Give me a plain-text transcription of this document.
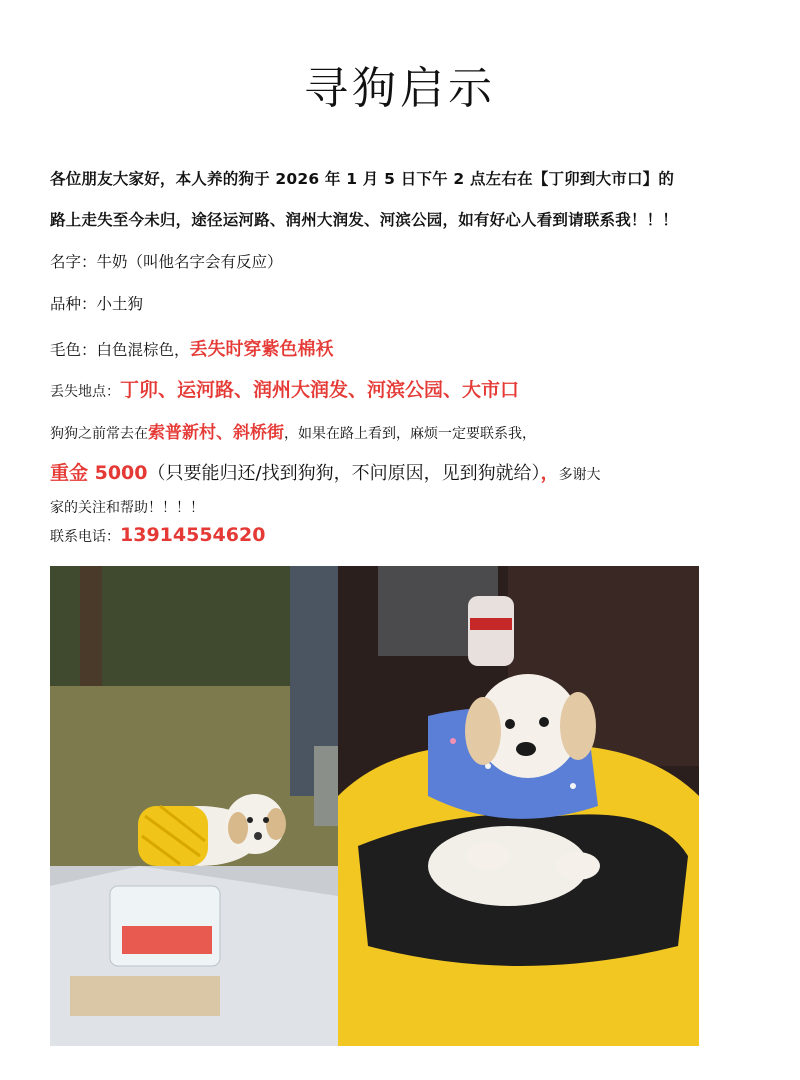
寻狗启示
各位朋友大家好，本人养的狗于 2026 年 1 月 5 日下午 2 点左右在【丁卯到大市口】的
路上走失至今未归，途径运河路、润州大润发、河滨公园，如有好心人看到请联系我！！！
名字：牛奶（叫他名字会有反应）
品种：小土狗
毛色：白色混棕色，丢失时穿紫色棉袄
丢失地点：丁卯、运河路、润州大润发、河滨公园、大市口
狗狗之前常去在索普新村、斜桥街，如果在路上看到，麻烦一定要联系我，
重金 5000（只要能归还/找到狗狗，不问原因，见到狗就给），多谢大
家的关注和帮助！！！！
联系电话：13914554620
